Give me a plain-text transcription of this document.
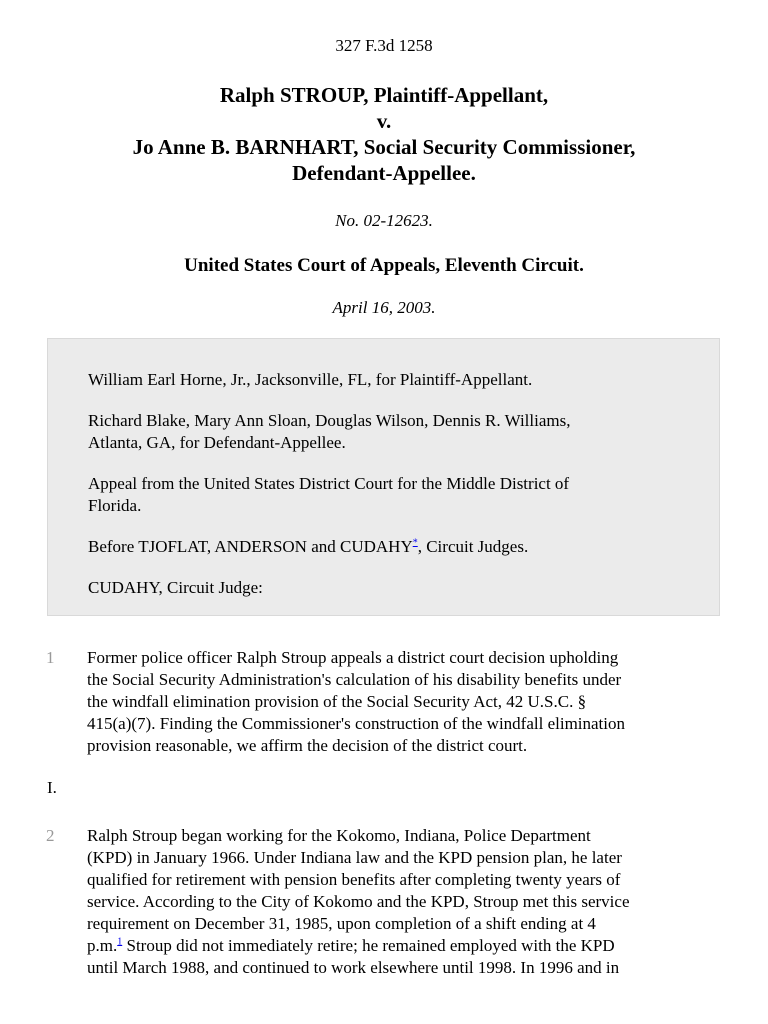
327 F.3d 1258
Ralph STROUP, Plaintiff-Appellant,
v.
Jo Anne B. BARNHART, Social Security Commissioner,
Defendant-Appellee.
No. 02-12623.
United States Court of Appeals, Eleventh Circuit.
April 16, 2003.

William Earl Horne, Jr., Jacksonville, FL, for Plaintiff-Appellant.

Richard Blake, Mary Ann Sloan, Douglas Wilson, Dennis R. Williams,
Atlanta, GA, for Defendant-Appellee.

Appeal from the United States District Court for the Middle District of
Florida.

Before TJOFLAT, ANDERSON and CUDAHY*, Circuit Judges.

CUDAHY, Circuit Judge:

1 Former police officer Ralph Stroup appeals a district court decision upholding
the Social Security Administration's calculation of his disability benefits under
the windfall elimination provision of the Social Security Act, 42 U.S.C. §
415(a)(7). Finding the Commissioner's construction of the windfall elimination
provision reasonable, we affirm the decision of the district court.

I.
2 Ralph Stroup began working for the Kokomo, Indiana, Police Department
(KPD) in January 1966. Under Indiana law and the KPD pension plan, he later
qualified for retirement with pension benefits after completing twenty years of
service. According to the City of Kokomo and the KPD, Stroup met this service
requirement on December 31, 1985, upon completion of a shift ending at 4
p.m.$^1$ Stroup did not immediately retire; he remained employed with the KPD
until March 1988, and continued to work elsewhere until 1998. In 1996 and in
